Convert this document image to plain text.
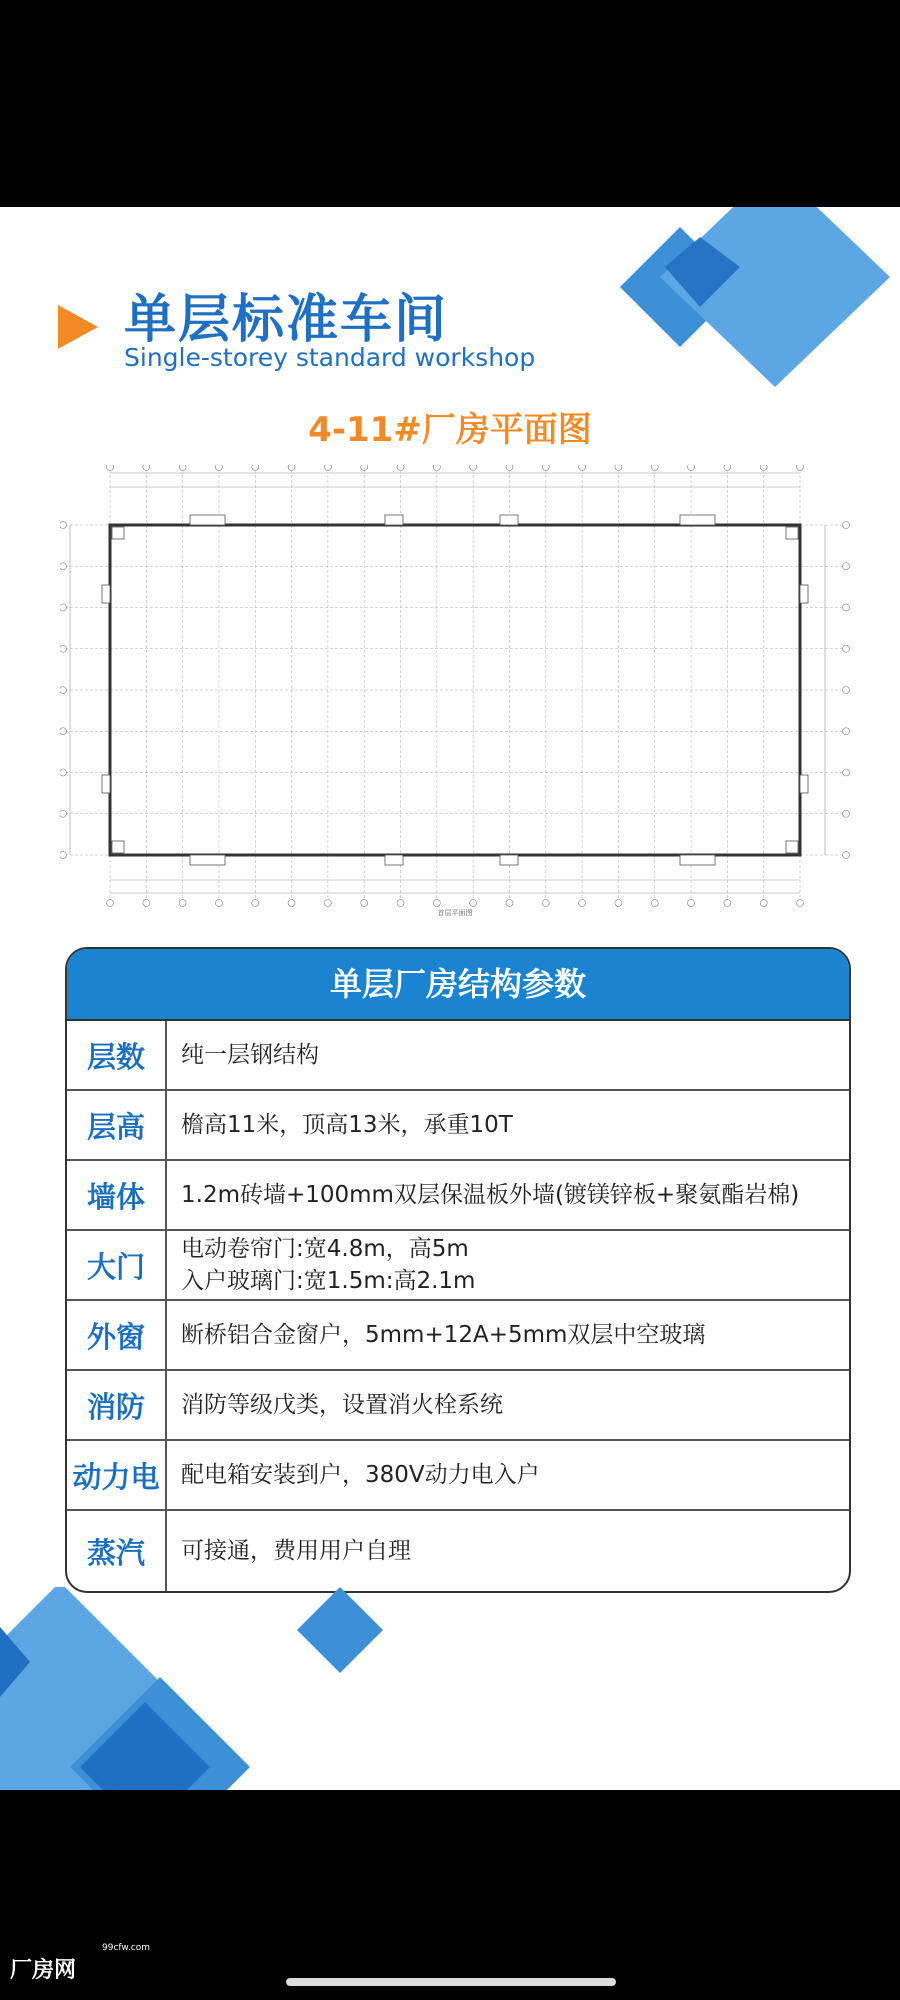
单层标准车间
Single-storey standard workshop
4-11#厂房平面图
首层平面图
单层厂房结构参数
层数	纯一层钢结构
层高	檐高11米，顶高13米，承重10T
墙体	1.2m砖墙+100mm双层保温板外墙(镀镁锌板+聚氨酯岩棉)
大门
电动卷帘门:宽4.8m，高5m
入户玻璃门:宽1.5m:高2.1m
外窗	断桥铝合金窗户，5mm+12A+5mm双层中空玻璃
消防	消防等级戊类，设置消火栓系统
动力电 配电箱安装到户，380V动力电入户
蒸汽	可接通，费用用户自理
厂房网
99cfw.com
